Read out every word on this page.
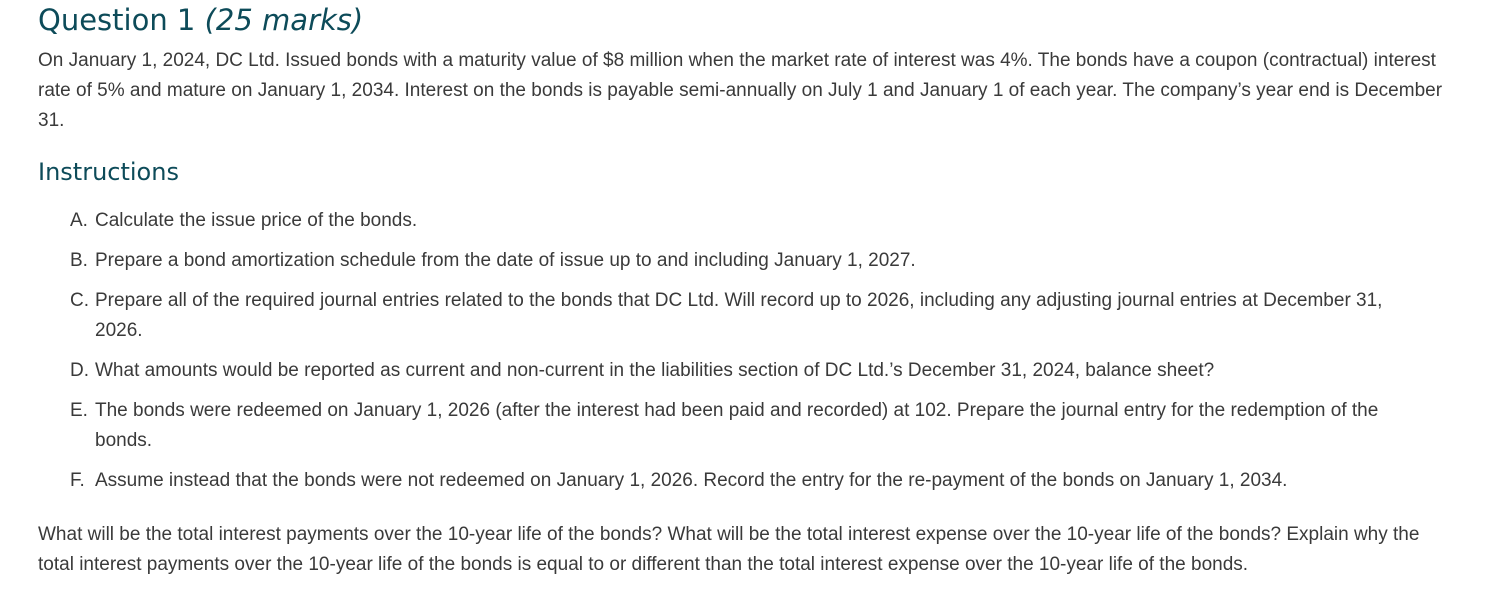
Question 1 (25 marks)

On January 1, 2024, DC Ltd. Issued bonds with a maturity value of $8 million when the market rate of interest was 4%. The bonds have a coupon (contractual) interest rate of 5% and mature on January 1, 2034. Interest on the bonds is payable semi-annually on July 1 and January 1 of each year. The company’s year end is December 31.

Instructions
A. Calculate the issue price of the bonds.
B. Prepare a bond amortization schedule from the date of issue up to and including January 1, 2027.
C. Prepare all of the required journal entries related to the bonds that DC Ltd. Will record up to 2026, including any adjusting journal entries at December 31, 2026.
D. What amounts would be reported as current and non-current in the liabilities section of DC Ltd.’s December 31, 2024, balance sheet?
E. The bonds were redeemed on January 1, 2026 (after the interest had been paid and recorded) at 102. Prepare the journal entry for the redemption of the bonds.
F. Assume instead that the bonds were not redeemed on January 1, 2026. Record the entry for the re-payment of the bonds on January 1, 2034.

What will be the total interest payments over the 10-year life of the bonds? What will be the total interest expense over the 10-year life of the bonds? Explain why the total interest payments over the 10-year life of the bonds is equal to or different than the total interest expense over the 10-year life of the bonds.
